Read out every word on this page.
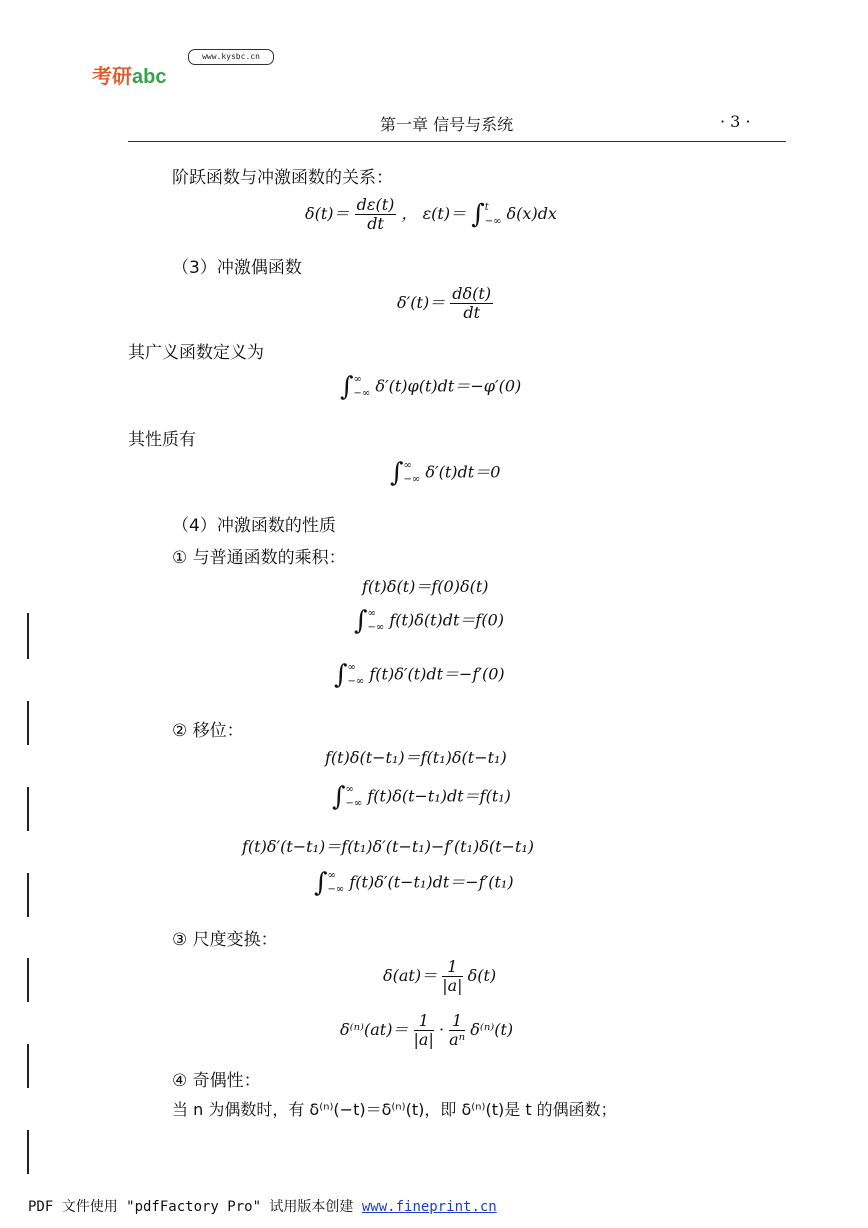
考研abc
www.kysbc.cn
第一章 信号与系统	· 3 ·
阶跃函数与冲激函数的关系：
$\delta(t)= \frac{d\varepsilon(t)}{dt}$ ， ε(t)＝ ∫ t
−∞ δ(x)dx
（3）冲激偶函数
$\delta'(t)= \frac{d\delta(t)}{dt}$
其广义函数定义为
∫ ∞
−∞ δ′(t)φ(t)dt＝−φ′(0)
其性质有
∫ ∞
−∞ δ′(t)dt＝0
（4）冲激函数的性质
① 与普通函数的乘积：
f(t)δ(t)＝f(0)δ(t)
∫ ∞
−∞ f(t)δ(t)dt＝f(0)
∫ ∞
−∞ f(t)δ′(t)dt＝−f′(0)
② 移位：
f(t)δ(t−t₁)＝f(t₁)δ(t−t₁)
∫ ∞
−∞ f(t)δ(t−t₁)dt＝f(t₁)
f(t)δ′(t−t₁)＝f(t₁)δ′(t−t₁)−f′(t₁)δ(t−t₁)
∫ ∞
−∞ f(t)δ′(t−t₁)dt＝−f′(t₁)
③ 尺度变换：
$\delta(at)= \frac{1}{|a|} \delta(t)$
$\delta^{(n)}(at)= \frac{1}{|a|} \cdot \frac{1}{\text{aⁿ}} \delta^{(n)}(t)$
④ 奇偶性：
当 n 为偶数时，有 δ⁽ⁿ⁾(−t)＝δ⁽ⁿ⁾(t)，即 δ⁽ⁿ⁾(t)是 t 的偶函数；
PDF 文件使用 "pdfFactory Pro" 试用版本创建 www.fineprint.cn
